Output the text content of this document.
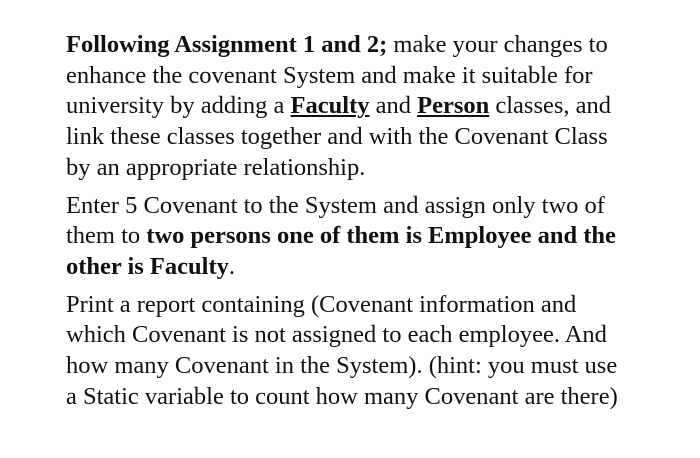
Following Assignment 1 and 2; make your changes to
enhance the covenant System and make it suitable for
university by adding a Faculty and Person classes, and
link these classes together and with the Covenant Class
by an appropriate relationship.

Enter 5 Covenant to the System and assign only two of
them to two persons one of them is Employee and the
other is Faculty.

Print a report containing (Covenant information and
which Covenant is not assigned to each employee. And
how many Covenant in the System). (hint: you must use
a Static variable to count how many Covenant are there)
